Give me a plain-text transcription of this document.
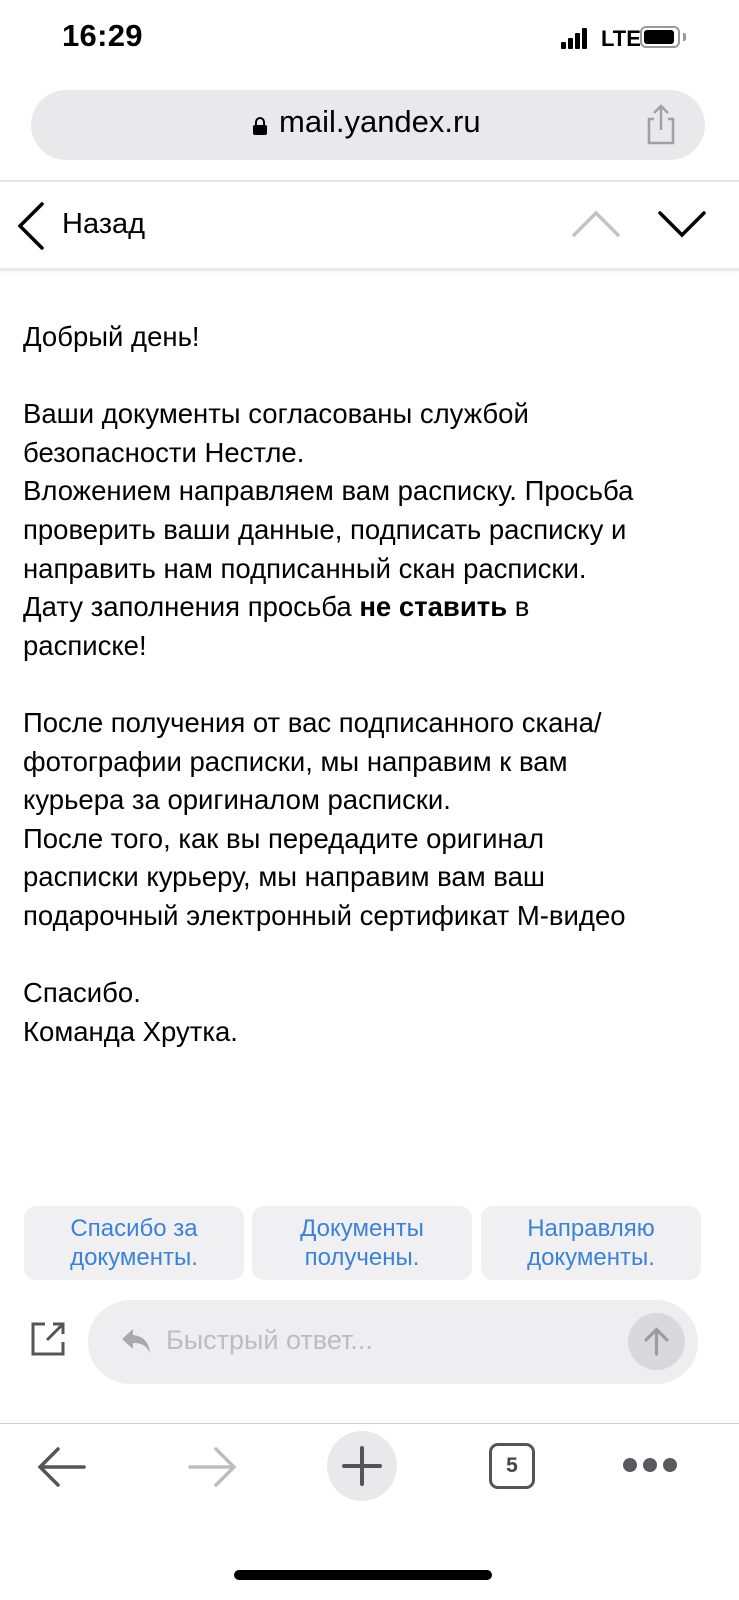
16:29	LTE
mail.yandex.ru
Назад

Добрый день!

Ваши документы согласованы службой

безопасности Нестле.

Вложением направляем вам расписку. Просьба

проверить ваши данные, подписать расписку и

направить нам подписанный скан расписки.

Дату заполнения просьба не ставить в

расписке!

После получения от вас подписанного скана/

фотографии расписки, мы направим к вам

курьера за оригиналом расписки.

После того, как вы передадите оригинал

расписки курьеру, мы направим вам ваш

подарочный электронный сертификат М-видео

Спасибо.

Команда Хрутка.

Спасибо за
документы.
Документы
получены.
Направляю
документы.
Быстрый ответ...
5
